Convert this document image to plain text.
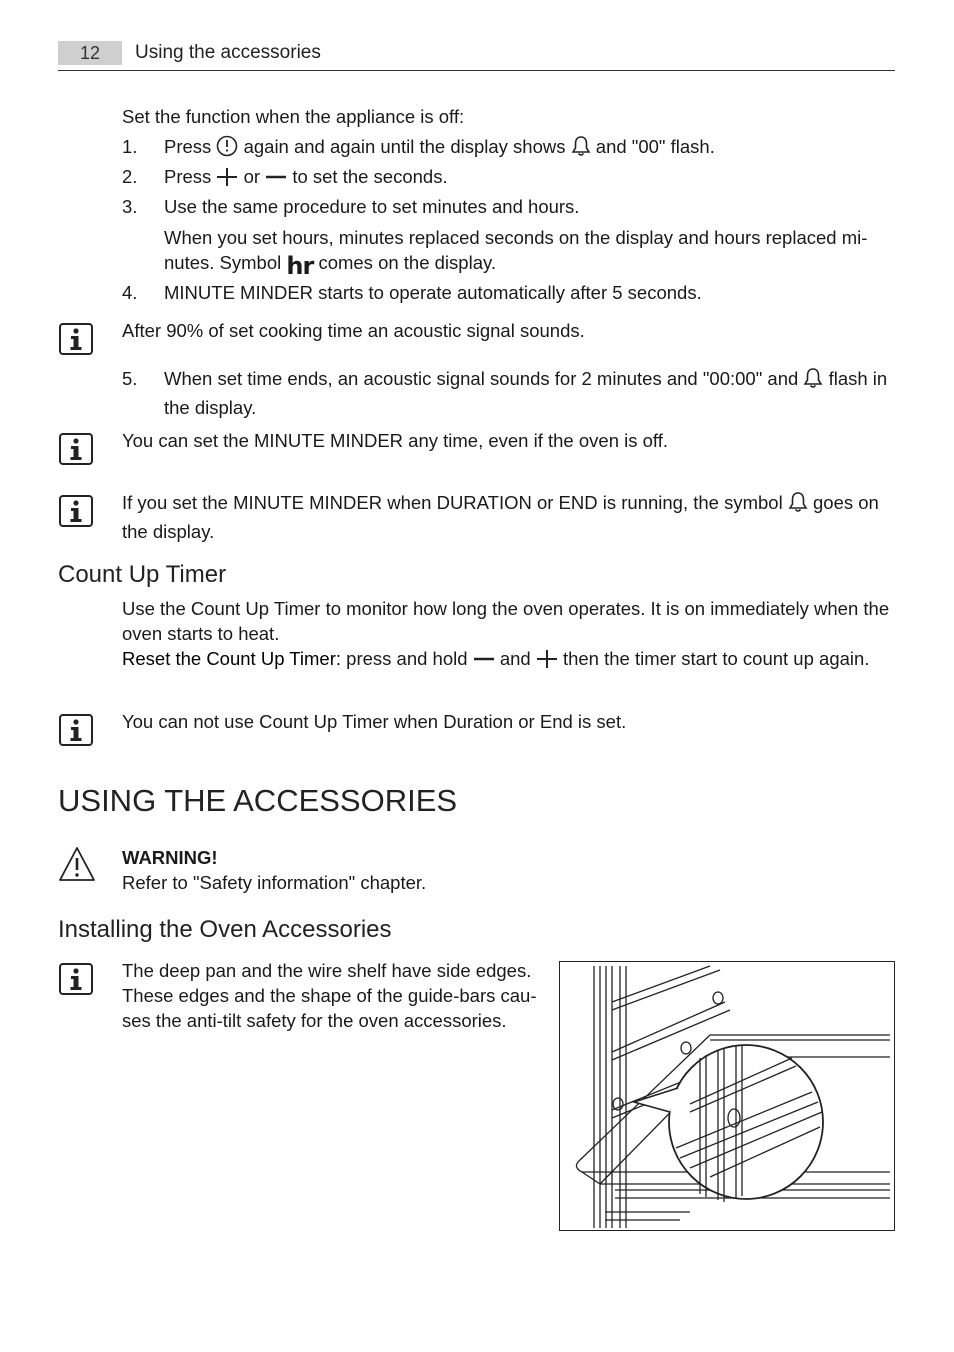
12	Using the accessories
Set the function when the appliance is off:
1.	Press again and again until the display shows and "00" flash.
2.	Press or to set the seconds.
3.	Use the same procedure to set minutes and hours.
When you set hours, minutes replaced seconds on the display and hours replaced mi- nutes. Symbol hr comes on the display.
4.	MINUTE MINDER starts to operate automatically after 5 seconds.
After 90% of set cooking time an acoustic signal sounds.
5.	When set time ends, an acoustic signal sounds for 2 minutes and "00:00" and flash in the display.
You can set the MINUTE MINDER any time, even if the oven is off.
If you set the MINUTE MINDER when DURATION or END is running, the symbol goes on the display.
Count Up Timer
Use the Count Up Timer to monitor how long the oven operates. It is on immediately when the oven starts to heat.
Reset the Count Up Timer: press and hold and then the timer start to count up again.
You can not use Count Up Timer when Duration or End is set.
USING THE ACCESSORIES
WARNING!
Refer to "Safety information" chapter.
Installing the Oven Accessories
The deep pan and the wire shelf have side edges. These edges and the shape of the guide-bars cau- ses the anti-tilt safety for the oven accessories.
